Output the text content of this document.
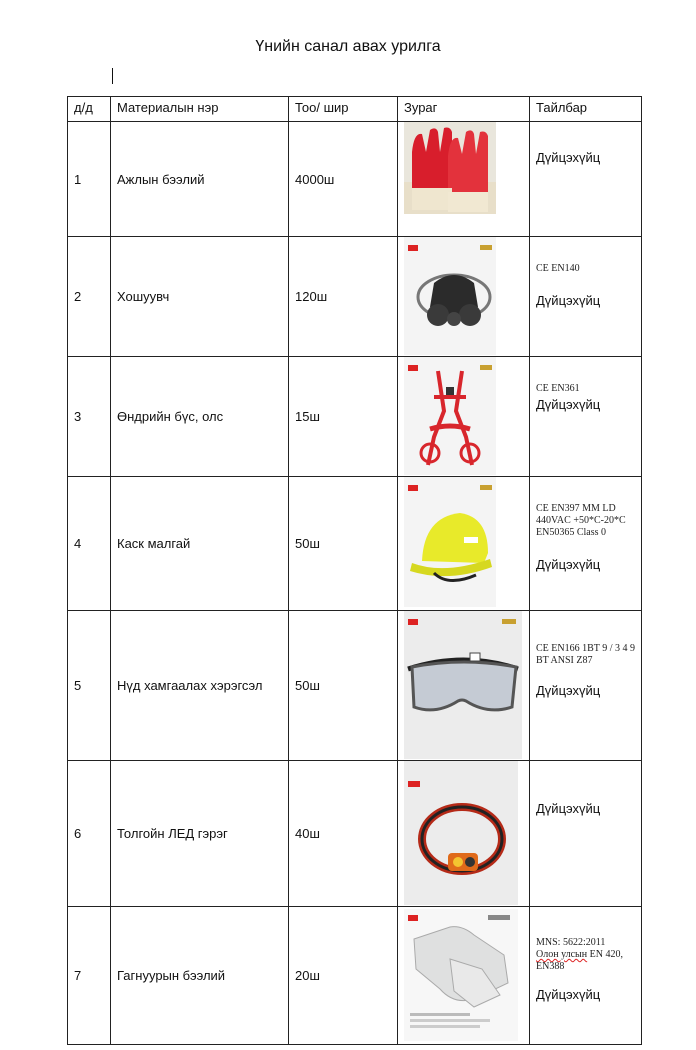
Үнийн санал авах урилга
д/д	Материалын нэр	Тоо/ шир	Зураг	Тайлбар
1	Ажлын бээлий	4000ш		Дүйцэхүйц

2	Хошуувч	120ш		CE EN140
Дүйцэхүйц

3	Өндрийн бүс, олс	15ш		CE EN361
Дүйцэхүйц

4	Каск малгай	50ш		CE EN397 MM LD 440VAC +50*C-20*C EN50365 Class 0
Дүйцэхүйц

5	Нүд хамгаалах хэрэгсэл	50ш		CE EN166 1BT 9 / 3 4 9 BT ANSI Z87
Дүйцэхүйц

6	Толгойн ЛЕД гэрэг	40ш		Дүйцэхүйц

7	Гагнуурын бээлий	20ш		MNS: 5622:2011
Олон улсын EN 420, EN388
Дүйцэхүйц
